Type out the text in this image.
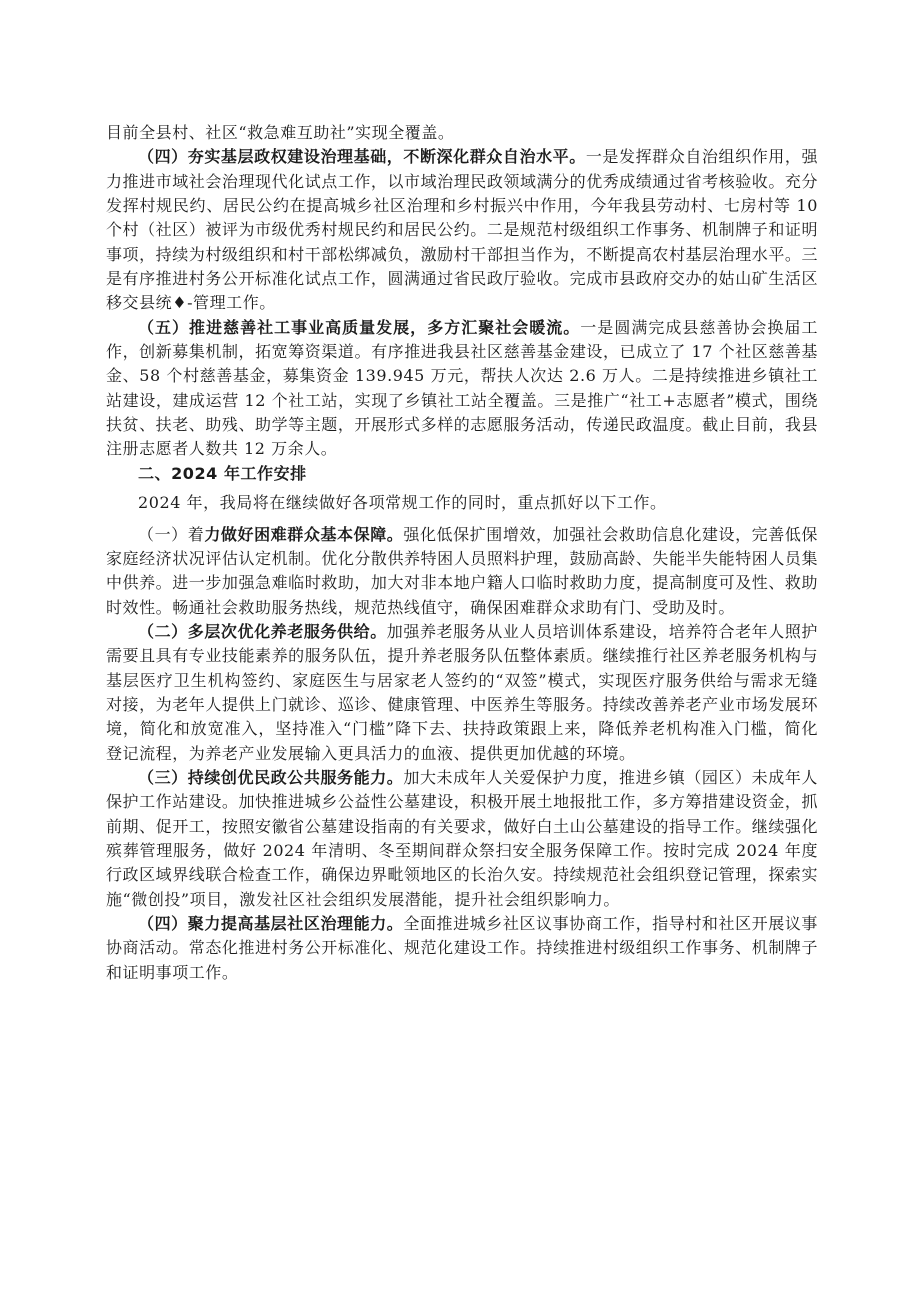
目前全县村、社区“救急难互助社”实现全覆盖。

（四）夯实基层政权建设治理基础，不断深化群众自治水平。一是发挥群众自治组织作用，强力推进市域社会治理现代化试点工作，以市域治理民政领域满分的优秀成绩通过省考核验收。充分发挥村规民约、居民公约在提高城乡社区治理和乡村振兴中作用，今年我县劳动村、七房村等 10 个村（社区）被评为市级优秀村规民约和居民公约。二是规范村级组织工作事务、机制牌子和证明事项，持续为村级组织和村干部松绑减负，激励村干部担当作为，不断提高农村基层治理水平。三是有序推进村务公开标准化试点工作，圆满通过省民政厅验收。完成市县政府交办的姑山矿生活区移交县统♦-管理工作。

（五）推进慈善社工事业高质量发展，多方汇聚社会暖流。一是圆满完成县慈善协会换届工作，创新募集机制，拓宽筹资渠道。有序推进我县社区慈善基金建设，已成立了 17 个社区慈善基金、58 个村慈善基金，募集资金 139.945 万元，帮扶人次达 2.6 万人。二是持续推进乡镇社工站建设，建成运营 12 个社工站，实现了乡镇社工站全覆盖。三是推广“社工+志愿者”模式，围绕扶贫、扶老、助残、助学等主题，开展形式多样的志愿服务活动，传递民政温度。截止目前，我县注册志愿者人数共 12 万余人。

二、2024 年工作安排

2024 年，我局将在继续做好各项常规工作的同时，重点抓好以下工作。

（一）着力做好困难群众基本保障。强化低保扩围增效，加强社会救助信息化建设，完善低保家庭经济状况评估认定机制。优化分散供养特困人员照料护理，鼓励高龄、失能半失能特困人员集中供养。进一步加强急难临时救助，加大对非本地户籍人口临时救助力度，提高制度可及性、救助时效性。畅通社会救助服务热线，规范热线值守，确保困难群众求助有门、受助及时。

（二）多层次优化养老服务供给。加强养老服务从业人员培训体系建设，培养符合老年人照护需要且具有专业技能素养的服务队伍，提升养老服务队伍整体素质。继续推行社区养老服务机构与基层医疗卫生机构签约、家庭医生与居家老人签约的“双签”模式，实现医疗服务供给与需求无缝对接，为老年人提供上门就诊、巡诊、健康管理、中医养生等服务。持续改善养老产业市场发展环境，简化和放宽准入，坚持准入“门槛”降下去、扶持政策跟上来，降低养老机构准入门槛，简化登记流程，为养老产业发展输入更具活力的血液、提供更加优越的环境。

（三）持续创优民政公共服务能力。加大未成年人关爱保护力度，推进乡镇（园区）未成年人保护工作站建设。加快推进城乡公益性公墓建设，积极开展土地报批工作，多方筹措建设资金，抓前期、促开工，按照安徽省公墓建设指南的有关要求，做好白土山公墓建设的指导工作。继续强化殡葬管理服务，做好 2024 年清明、冬至期间群众祭扫安全服务保障工作。按时完成 2024 年度行政区域界线联合检查工作，确保边界毗领地区的长治久安。持续规范社会组织登记管理，探索实施“微创投”项目，激发社区社会组织发展潜能，提升社会组织影响力。

（四）聚力提高基层社区治理能力。全面推进城乡社区议事协商工作，指导村和社区开展议事协商活动。常态化推进村务公开标准化、规范化建设工作。持续推进村级组织工作事务、机制牌子和证明事项工作。
